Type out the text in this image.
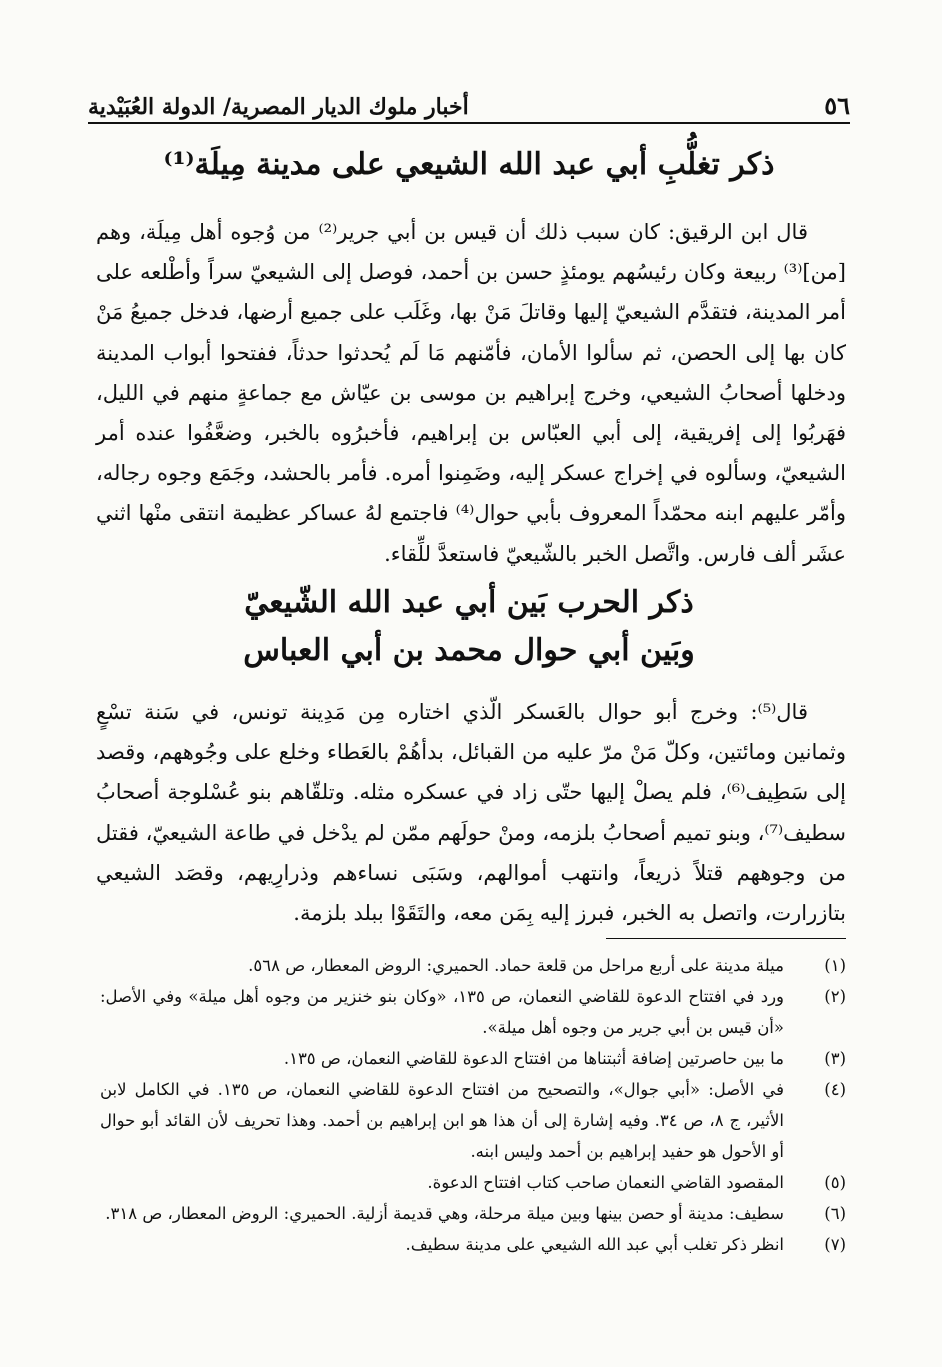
٥٦
أخبار ملوك الديار المصرية/ الدولة العُبَيْدية
ذكر تغلُّبِ أبي عبد الله الشيعي على مدينة مِيلَة⁽¹⁾

قال ابن الرقيق: كان سبب ذلك أن قيس بن أبي جرير⁽²⁾ من وُجوه أهل مِيلَة، وهم [من]⁽³⁾ ربيعة وكان رئيسُهم يومئذٍ حسن بن أحمد، فوصل إلى الشيعيّ سراً وأطْلعه على أمر المدينة، فتقدَّم الشيعيّ إليها وقاتلَ مَنْ بها، وغَلَب على جميع أرضها، فدخل جميعُ مَنْ كان بها إلى الحصن، ثم سألوا الأمان، فأمّنهم مَا لَم يُحدثوا حدثاً، ففتحوا أبواب المدينة ودخلها أصحابُ الشيعي، وخرج إبراهيم بن موسى بن عيّاش مع جماعةٍ منهم في الليل، فهَربُوا إلى إفريقية، إلى أبي العبّاس بن إبراهيم، فأخبرُوه بالخبر، وضعَّفُوا عنده أمر الشيعيّ، وسألوه في إخراج عسكر إليه، وضَمِنوا أمره. فأمر بالحشد، وجَمَع وجوه رجاله، وأمّر عليهم ابنه محمّداً المعروف بأبي حوال⁽⁴⁾ فاجتمع لهُ عساكر عظيمة انتقى منْها اثني عشَر ألف فارس. واتَّصل الخبر بالشّيعيّ فاستعدَّ للِّقاء.

ذكر الحرب بَين أبي عبد الله الشّيعيّ
وبَين أبي حوال محمد بن أبي العباس

قال⁽⁵⁾: وخرج أبو حوال بالعَسكر الّذي اختاره مِن مَدِينة تونس، في سَنة تسْعٍ وثمانين ومائتين، وكلّ مَنْ مرّ عليه من القبائل، بدأهُمْ بالعَطاء وخلع على وجُوههم، وقصد إلى سَطِيف⁽⁶⁾، فلم يصلْ إليها حتّى زاد في عسكره مثله. وتلقّاهم بنو عُسْلوجة أصحابُ سطيف⁽⁷⁾، وبنو تميم أصحابُ بلزمه، ومنْ حولَهم ممّن لم يدْخل في طاعة الشيعيّ، فقتل من وجوههم قتلاً ذريعاً، وانتهب أموالهم، وسَبَى نساءهم وذرارِيهم، وقصَد الشيعي بتازرارت، واتصل به الخبر، فبرز إليه بِمَن معه، والتَقَوْا ببلد بلزمة.

(١)
ميلة مدينة على أربع مراحل من قلعة حماد. الحميري: الروض المعطار، ص ٥٦٨.
(٢)
ورد في افتتاح الدعوة للقاضي النعمان، ص ١٣٥، «وكان بنو خنزير من وجوه أهل ميلة» وفي الأصل: «أن قيس بن أبي جرير من وجوه أهل ميلة».
(٣)
ما بين حاصرتين إضافة أثبتناها من افتتاح الدعوة للقاضي النعمان، ص ١٣٥.
(٤)
في الأصل: «أبي جوال»، والتصحيح من افتتاح الدعوة للقاضي النعمان، ص ١٣٥. في الكامل لابن الأثير، ج ٨، ص ٣٤. وفيه إشارة إلى أن هذا هو ابن إبراهيم بن أحمد. وهذا تحريف لأن القائد أبو حوال أو الأحول هو حفيد إبراهيم بن أحمد وليس ابنه.
(٥)
المقصود القاضي النعمان صاحب كتاب افتتاح الدعوة.
(٦)
سطيف: مدينة أو حصن بينها وبين ميلة مرحلة، وهي قديمة أزلية. الحميري: الروض المعطار، ص ٣١٨.
(٧)
انظر ذكر تغلب أبي عبد الله الشيعي على مدينة سطيف.
